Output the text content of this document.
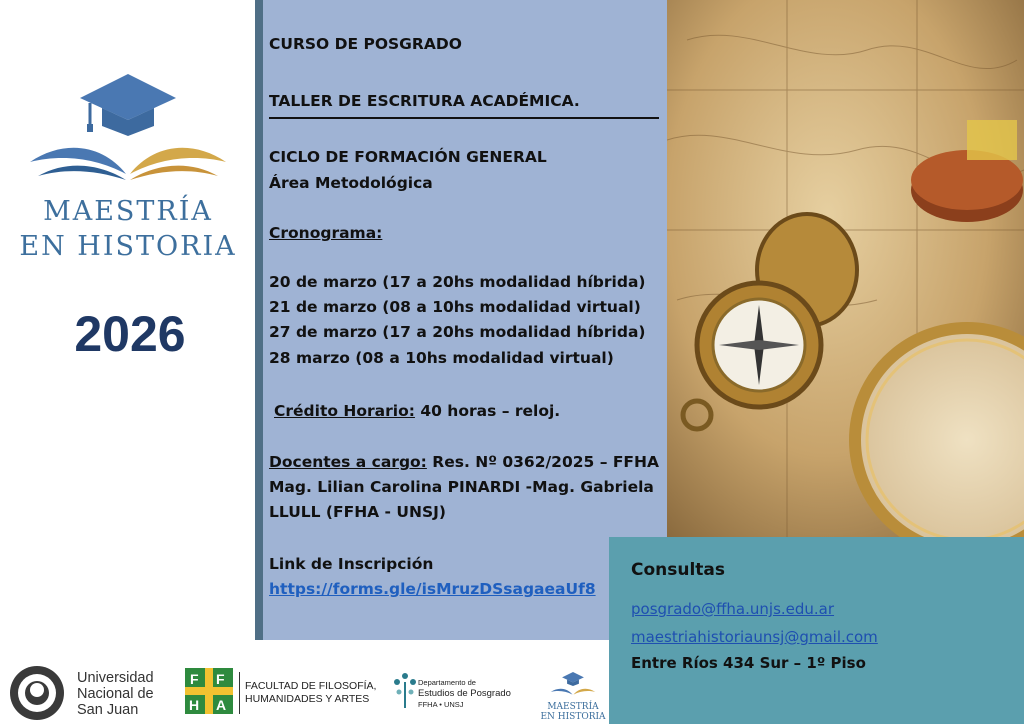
MAESTRÍA
EN HISTORIA
2026
CURSO DE POSGRADO
TALLER DE ESCRITURA ACADÉMICA.
CICLO DE FORMACIÓN GENERAL
Área Metodológica
Cronograma:
20 de marzo (17 a 20hs modalidad híbrida)
21 de marzo (08 a 10hs modalidad virtual)
27 de marzo (17 a 20hs modalidad híbrida)
28 marzo (08 a 10hs modalidad virtual)
Crédito Horario: 40 horas – reloj.
Docentes a cargo: Res. Nº 0362/2025 – FFHA
Mag. Lilian Carolina PINARDI -Mag. Gabriela
LLULL (FFHA - UNSJ)
Link de Inscripción
https://forms.gle/isMruzDSsagaeaUf8
Consultas
posgrado@ffha.unjs.edu.ar
maestriahistoriaunsj@gmail.com
Entre Ríos 434 Sur – 1º Piso
Universidad
Nacional de
San Juan
F F
H A
FACULTAD DE FILOSOFÍA,
HUMANIDADES Y ARTES
Departamento de
Estudios de Posgrado
FFHA • UNSJ	MAESTRÍA
EN HISTORIA
